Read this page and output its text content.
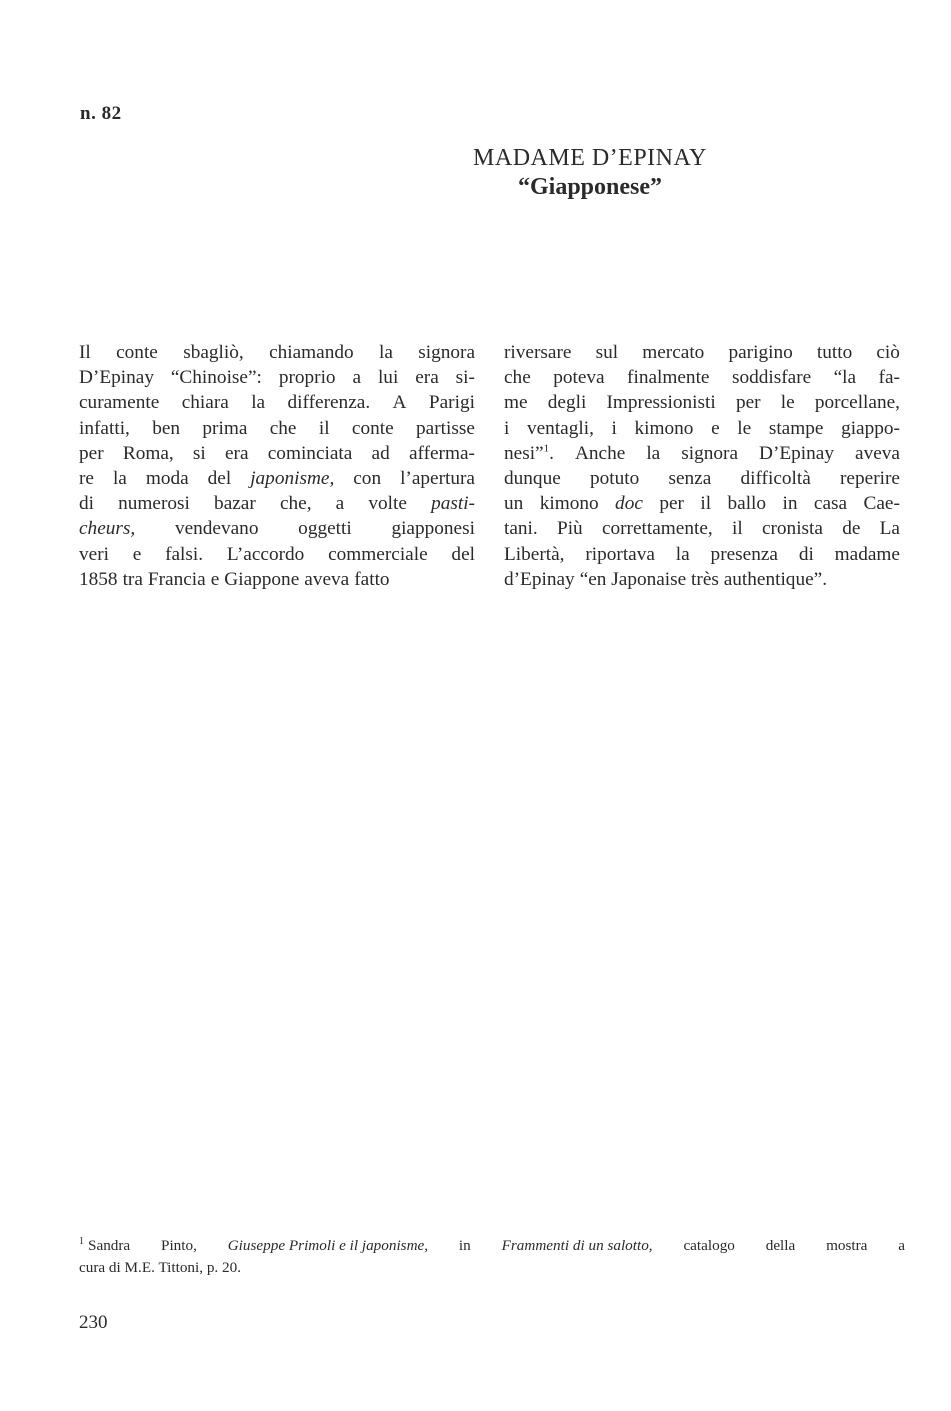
n. 82
MADAME D’EPINAY
“Giapponese”
Il conte sbagliò, chiamando la signora
D’Epinay “Chinoise”: proprio a lui era si-
curamente chiara la differenza. A Parigi
infatti, ben prima che il conte partisse
per Roma, si era cominciata ad afferma-
re la moda del japonisme, con l’apertura
di numerosi bazar che, a volte pasti-
cheurs, vendevano oggetti giapponesi
veri e falsi. L’accordo commerciale del
1858 tra Francia e Giappone aveva fatto
riversare sul mercato parigino tutto ciò
che poteva finalmente soddisfare “la fa-
me degli Impressionisti per le porcellane,
i ventagli, i kimono e le stampe giappo-
nesi”$^1$. Anche la signora D’Epinay aveva
dunque potuto senza difficoltà reperire
un kimono doc per il ballo in casa Cae-
tani. Più correttamente, il cronista de La
Libertà, riportava la presenza di madame
d’Epinay “en Japonaise très authentique”.
$^1$ Sandra Pinto, Giuseppe Primoli e il japonisme, in Frammenti di un salotto, catalogo della mostra a
cura di M.E. Tittoni, p. 20.
230
